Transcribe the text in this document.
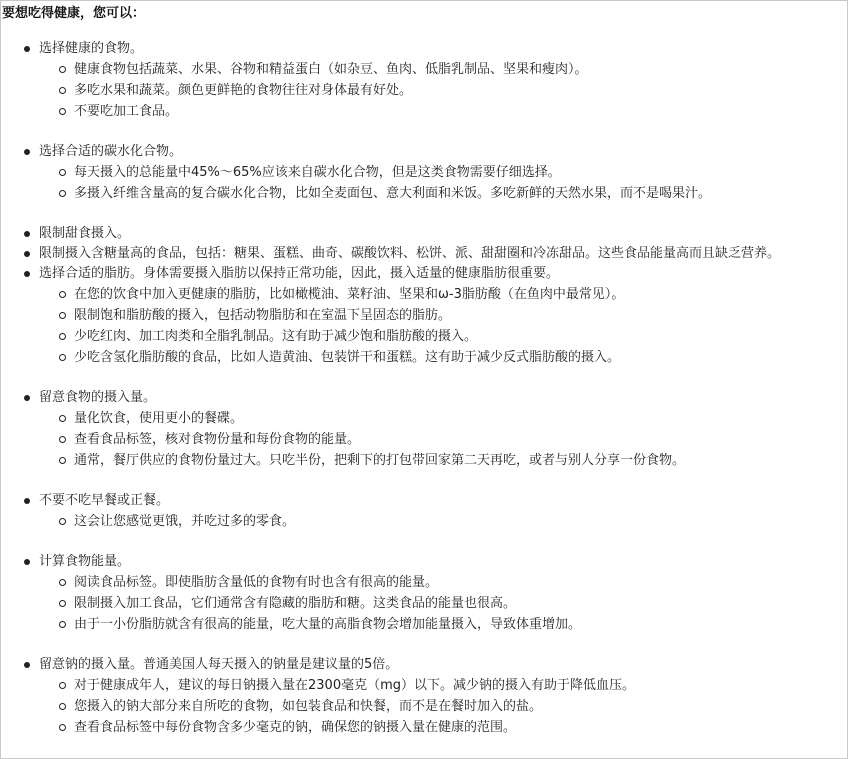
要想吃得健康，您可以：
选择健康的食物。
健康食物包括蔬菜、水果、谷物和精益蛋白（如杂豆、鱼肉、低脂乳制品、坚果和瘦肉）。
多吃水果和蔬菜。颜色更鲜艳的食物往往对身体最有好处。
不要吃加工食品。
选择合适的碳水化合物。
每天摄入的总能量中45%～65%应该来自碳水化合物，但是这类食物需要仔细选择。
多摄入纤维含量高的复合碳水化合物，比如全麦面包、意大利面和米饭。多吃新鲜的天然水果，而不是喝果汁。
限制甜食摄入。
限制摄入含糖量高的食品，包括：糖果、蛋糕、曲奇、碳酸饮料、松饼、派、甜甜圈和冷冻甜品。这些食品能量高而且缺乏营养。
选择合适的脂肪。身体需要摄入脂肪以保持正常功能，因此，摄入适量的健康脂肪很重要。
在您的饮食中加入更健康的脂肪，比如橄榄油、菜籽油、坚果和ω-3脂肪酸（在鱼肉中最常见）。
限制饱和脂肪酸的摄入，包括动物脂肪和在室温下呈固态的脂肪。
少吃红肉、加工肉类和全脂乳制品。这有助于减少饱和脂肪酸的摄入。
少吃含氢化脂肪酸的食品，比如人造黄油、包装饼干和蛋糕。这有助于减少反式脂肪酸的摄入。
留意食物的摄入量。
量化饮食，使用更小的餐碟。
查看食品标签，核对食物份量和每份食物的能量。
通常，餐厅供应的食物份量过大。只吃半份，把剩下的打包带回家第二天再吃，或者与别人分享一份食物。
不要不吃早餐或正餐。
这会让您感觉更饿，并吃过多的零食。
计算食物能量。
阅读食品标签。即使脂肪含量低的食物有时也含有很高的能量。
限制摄入加工食品，它们通常含有隐藏的脂肪和糖。这类食品的能量也很高。
由于一小份脂肪就含有很高的能量，吃大量的高脂食物会增加能量摄入，导致体重增加。
留意钠的摄入量。普通美国人每天摄入的钠量是建议量的5倍。
对于健康成年人，建议的每日钠摄入量在2300毫克（mg）以下。减少钠的摄入有助于降低血压。
您摄入的钠大部分来自所吃的食物，如包装食品和快餐，而不是在餐时加入的盐。
查看食品标签中每份食物含多少毫克的钠，确保您的钠摄入量在健康的范围。
